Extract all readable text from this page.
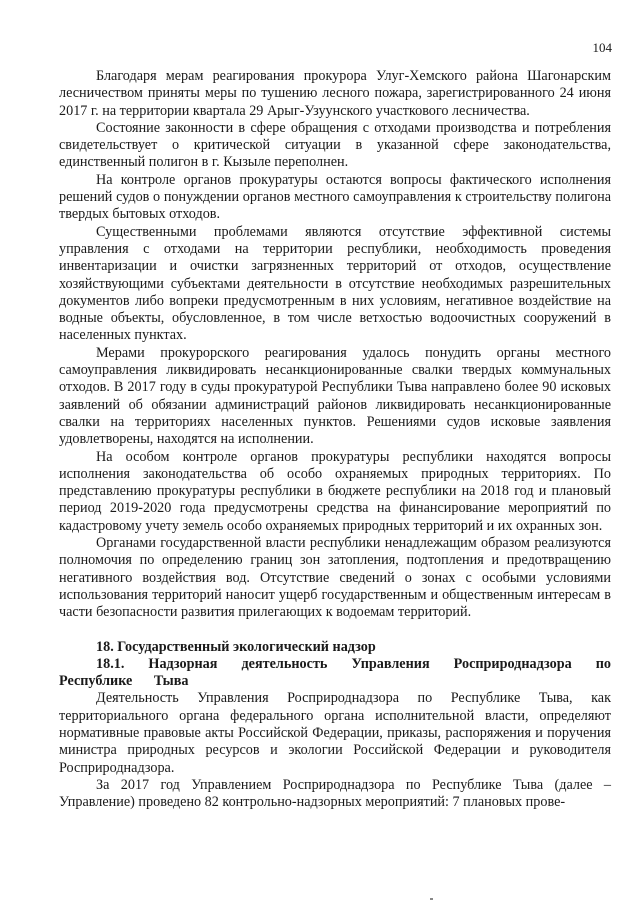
104

Благодаря мерам реагирования прокурора Улуг-Хемского района Шагонарским лесничеством приняты меры по тушению лесного пожара, зарегистрированного 24 июня 2017 г. на территории квартала 29 Арыг-Узуунского участкового лесничества.

Состояние законности в сфере обращения с отходами производства и потребления свидетельствует о критической ситуации в указанной сфере законодательства, единственный полигон в г. Кызыле переполнен.

На контроле органов прокуратуры остаются вопросы фактического исполнения решений судов о понуждении органов местного самоуправления к строительству полигона твердых бытовых отходов.

Существенными проблемами являются отсутствие эффективной системы управления с отходами на территории республики, необходимость проведения инвентаризации и очистки загрязненных территорий от отходов, осуществление хозяйствующими субъектами деятельности в отсутствие необходимых разрешительных документов либо вопреки предусмотренным в них условиям, негативное воздействие на водные объекты, обусловленное, в том числе ветхостью водоочистных сооружений в населенных пунктах.

Мерами прокурорского реагирования удалось понудить органы местного самоуправления ликвидировать несанкционированные свалки твердых коммунальных отходов. В 2017 году в суды прокуратурой Республики Тыва направлено более 90 исковых заявлений об обязании администраций районов ликвидировать несанкционированные свалки на территориях населенных пунктов. Решениями судов исковые заявления удовлетворены, находятся на исполнении.

На особом контроле органов прокуратуры республики находятся вопросы исполнения законодательства об особо охраняемых природных территориях. По представлению прокуратуры республики в бюджете республики на 2018 год и плановый период 2019-2020 года предусмотрены средства на финансирование мероприятий по кадастровому учету земель особо охраняемых природных территорий и их охранных зон.

Органами государственной власти республики ненадлежащим образом реализуются полномочия по определению границ зон затопления, подтопления и предотвращению негативного воздействия вод. Отсутствие сведений о зонах с особыми условиями использования территорий наносит ущерб государственным и общественным интересам в части безопасности развития прилегающих к водоемам территорий.

18. Государственный экологический надзор

18.1. Надзорная деятельность Управления Росприроднадзора по Республике Тыва

Деятельность Управления Росприроднадзора по Республике Тыва, как территориального органа федерального органа исполнительной власти, определяют нормативные правовые акты Российской Федерации, приказы, распоряжения и поручения министра природных ресурсов и экологии Российской Федерации и руководителя Росприроднадзора.

За 2017 год Управлением Росприроднадзора по Республике Тыва (далее – Управление) проведено 82 контрольно-надзорных мероприятий: 7 плановых прове-
